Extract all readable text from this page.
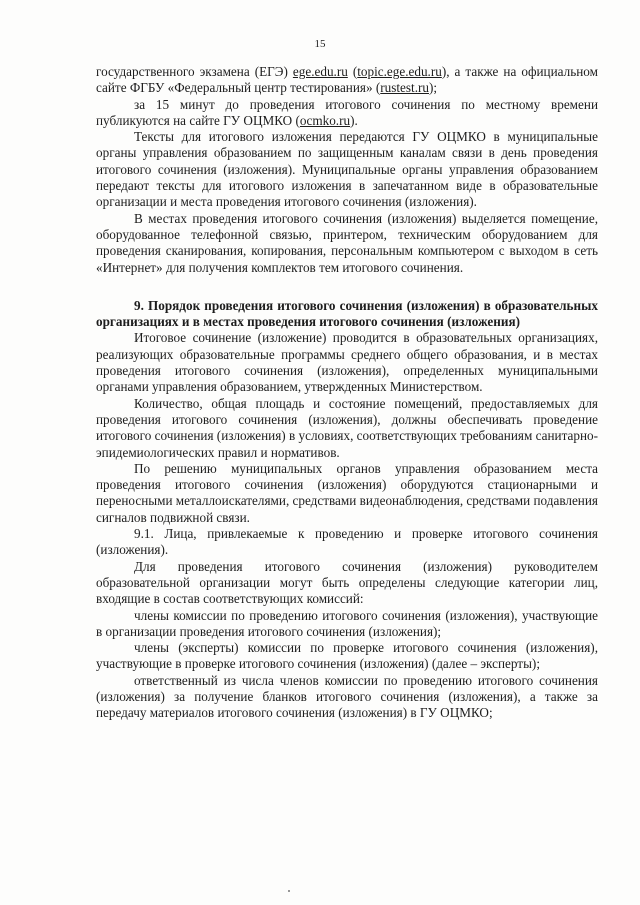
15

государственного экзамена (ЕГЭ) ege.edu.ru (topic.ege.edu.ru), а также на официальном сайте ФГБУ «Федеральный центр тестирования» (rustest.ru);

за 15 минут до проведения итогового сочинения по местному времени публикуются на сайте ГУ ОЦМКО (ocmko.ru).

Тексты для итогового изложения передаются ГУ ОЦМКО в муниципальные органы управления образованием по защищенным каналам связи в день проведения итогового сочинения (изложения). Муниципальные органы управления образованием передают тексты для итогового изложения в запечатанном виде в образовательные организации и места проведения итогового сочинения (изложения).

В местах проведения итогового сочинения (изложения) выделяется помещение, оборудованное телефонной связью, принтером, техническим оборудованием для проведения сканирования, копирования, персональным компьютером с выходом в сеть «Интернет» для получения комплектов тем итогового сочинения.

9. Порядок проведения итогового сочинения (изложения) в образовательных организациях и в местах проведения итогового сочинения (изложения)

Итоговое сочинение (изложение) проводится в образовательных организациях, реализующих образовательные программы среднего общего образования, и в местах проведения итогового сочинения (изложения), определенных муниципальными органами управления образованием, утвержденных Министерством.

Количество, общая площадь и состояние помещений, предоставляемых для проведения итогового сочинения (изложения), должны обеспечивать проведение итогового сочинения (изложения) в условиях, соответствующих требованиям санитарно-эпидемиологических правил и нормативов.

По решению муниципальных органов управления образованием места проведения итогового сочинения (изложения) оборудуются стационарными и переносными металлоискателями, средствами видеонаблюдения, средствами подавления сигналов подвижной связи.

9.1. Лица, привлекаемые к проведению и проверке итогового сочинения (изложения).

Для проведения итогового сочинения (изложения) руководителем образовательной организации могут быть определены следующие категории лиц, входящие в состав соответствующих комиссий:

члены комиссии по проведению итогового сочинения (изложения), участвующие в организации проведения итогового сочинения (изложения);

члены (эксперты) комиссии по проверке итогового сочинения (изложения), участвующие в проверке итогового сочинения (изложения) (далее – эксперты);

ответственный из числа членов комиссии по проведению итогового сочинения (изложения) за получение бланков итогового сочинения (изложения), а также за передачу материалов итогового сочинения (изложения) в ГУ ОЦМКО;
